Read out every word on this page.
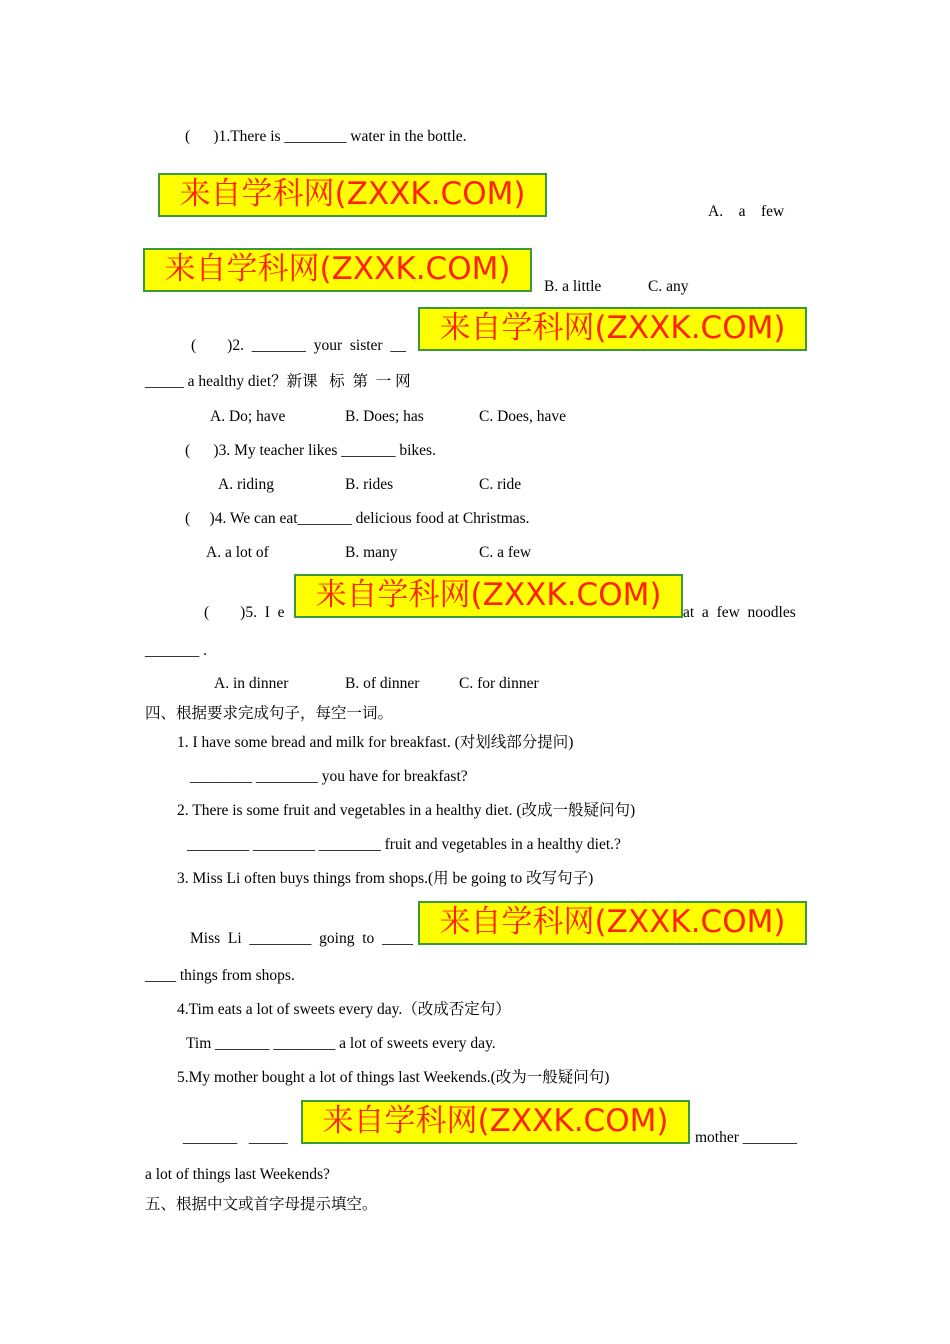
(      )1.There is ________ water in the bottle.
来自学科网(ZXXK.COM)	A.    a    few
来自学科网(ZXXK.COM)	B. a little	C. any
(        )2.  _______  your  sister  __	来自学科网(ZXXK.COM)
_____ a healthy diet？新课   标  第  一 网
A. Do; have	B. Does; has	C. Does, have
(      )3. My teacher likes _______ bikes.
A. riding	B. rides	C. ride
(     )4. We can eat_______ delicious food at Christmas.
A. a lot of	B. many	C. a few
(        )5.  I  e	来自学科网(ZXXK.COM)	at  a  few  noodles
_______ .
A. in dinner	B. of dinner	C. for dinner
四、根据要求完成句子，每空一词。
1. I have some bread and milk for breakfast. (对划线部分提问)
________ ________ you have for breakfast?
2. There is some fruit and vegetables in a healthy diet. (改成一般疑问句)
________ ________ ________ fruit and vegetables in a healthy diet.?
3. Miss Li often buys things from shops.(用 be going to 改写句子)
Miss  Li  ________  going  to  ____ 来自学科网(ZXXK.COM)
____ things from shops.
4.Tim eats a lot of sweets every day.（改成否定句）
Tim _______ ________ a lot of sweets every day.
5.My mother bought a lot of things last Weekends.(改为一般疑问句)
_______   _____	来自学科网(ZXXK.COM)	mother _______
a lot of things last Weekends?
五、根据中文或首字母提示填空。
